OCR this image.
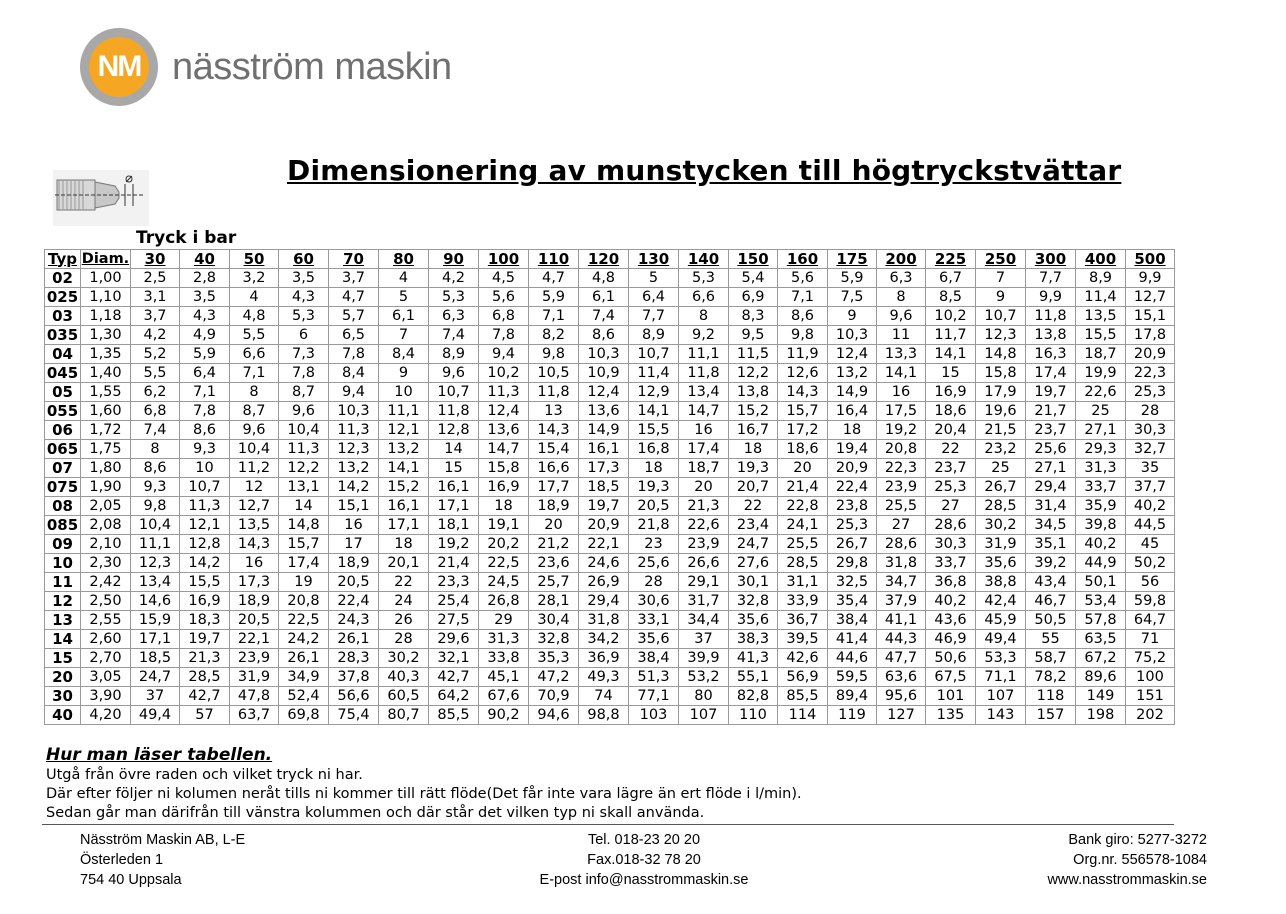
NM näsström maskin
Dimensionering av munstycken till högtryckstvättar
Tryck i bar
Typ	Diam.	30	40	50	60	70	80	90	100	110	120	130	140	150	160	175	200	225	250	300	400	500
02	1,00	2,5	2,8	3,2	3,5	3,7	4	4,2	4,5	4,7	4,8	5	5,3	5,4	5,6	5,9	6,3	6,7	7	7,7	8,9	9,9
025	1,10	3,1	3,5	4	4,3	4,7	5	5,3	5,6	5,9	6,1	6,4	6,6	6,9	7,1	7,5	8	8,5	9	9,9	11,4	12,7
03	1,18	3,7	4,3	4,8	5,3	5,7	6,1	6,3	6,8	7,1	7,4	7,7	8	8,3	8,6	9	9,6	10,2	10,7	11,8	13,5	15,1
035	1,30	4,2	4,9	5,5	6	6,5	7	7,4	7,8	8,2	8,6	8,9	9,2	9,5	9,8	10,3	11	11,7	12,3	13,8	15,5	17,8
04	1,35	5,2	5,9	6,6	7,3	7,8	8,4	8,9	9,4	9,8	10,3	10,7	11,1	11,5	11,9	12,4	13,3	14,1	14,8	16,3	18,7	20,9
045	1,40	5,5	6,4	7,1	7,8	8,4	9	9,6	10,2	10,5	10,9	11,4	11,8	12,2	12,6	13,2	14,1	15	15,8	17,4	19,9	22,3
05	1,55	6,2	7,1	8	8,7	9,4	10	10,7	11,3	11,8	12,4	12,9	13,4	13,8	14,3	14,9	16	16,9	17,9	19,7	22,6	25,3
055	1,60	6,8	7,8	8,7	9,6	10,3	11,1	11,8	12,4	13	13,6	14,1	14,7	15,2	15,7	16,4	17,5	18,6	19,6	21,7	25	28
06	1,72	7,4	8,6	9,6	10,4	11,3	12,1	12,8	13,6	14,3	14,9	15,5	16	16,7	17,2	18	19,2	20,4	21,5	23,7	27,1	30,3
065	1,75	8	9,3	10,4	11,3	12,3	13,2	14	14,7	15,4	16,1	16,8	17,4	18	18,6	19,4	20,8	22	23,2	25,6	29,3	32,7
07	1,80	8,6	10	11,2	12,2	13,2	14,1	15	15,8	16,6	17,3	18	18,7	19,3	20	20,9	22,3	23,7	25	27,1	31,3	35
075	1,90	9,3	10,7	12	13,1	14,2	15,2	16,1	16,9	17,7	18,5	19,3	20	20,7	21,4	22,4	23,9	25,3	26,7	29,4	33,7	37,7
08	2,05	9,8	11,3	12,7	14	15,1	16,1	17,1	18	18,9	19,7	20,5	21,3	22	22,8	23,8	25,5	27	28,5	31,4	35,9	40,2
085	2,08	10,4	12,1	13,5	14,8	16	17,1	18,1	19,1	20	20,9	21,8	22,6	23,4	24,1	25,3	27	28,6	30,2	34,5	39,8	44,5
09	2,10	11,1	12,8	14,3	15,7	17	18	19,2	20,2	21,2	22,1	23	23,9	24,7	25,5	26,7	28,6	30,3	31,9	35,1	40,2	45
10	2,30	12,3	14,2	16	17,4	18,9	20,1	21,4	22,5	23,6	24,6	25,6	26,6	27,6	28,5	29,8	31,8	33,7	35,6	39,2	44,9	50,2
11	2,42	13,4	15,5	17,3	19	20,5	22	23,3	24,5	25,7	26,9	28	29,1	30,1	31,1	32,5	34,7	36,8	38,8	43,4	50,1	56
12	2,50	14,6	16,9	18,9	20,8	22,4	24	25,4	26,8	28,1	29,4	30,6	31,7	32,8	33,9	35,4	37,9	40,2	42,4	46,7	53,4	59,8
13	2,55	15,9	18,3	20,5	22,5	24,3	26	27,5	29	30,4	31,8	33,1	34,4	35,6	36,7	38,4	41,1	43,6	45,9	50,5	57,8	64,7
14	2,60	17,1	19,7	22,1	24,2	26,1	28	29,6	31,3	32,8	34,2	35,6	37	38,3	39,5	41,4	44,3	46,9	49,4	55	63,5	71
15	2,70	18,5	21,3	23,9	26,1	28,3	30,2	32,1	33,8	35,3	36,9	38,4	39,9	41,3	42,6	44,6	47,7	50,6	53,3	58,7	67,2	75,2
20	3,05	24,7	28,5	31,9	34,9	37,8	40,3	42,7	45,1	47,2	49,3	51,3	53,2	55,1	56,9	59,5	63,6	67,5	71,1	78,2	89,6	100
30	3,90	37	42,7	47,8	52,4	56,6	60,5	64,2	67,6	70,9	74	77,1	80	82,8	85,5	89,4	95,6	101	107	118	149	151
40	4,20	49,4	57	63,7	69,8	75,4	80,7	85,5	90,2	94,6	98,8	103	107	110	114	119	127	135	143	157	198	202
Hur man läser tabellen.
Utgå från övre raden och vilket tryck ni har.
Där efter följer ni kolumen neråt tills ni kommer till rätt flöde(Det får inte vara lägre än ert flöde i l/min).
Sedan går man därifrån till vänstra kolummen och där står det vilken typ ni skall använda.
Näsström Maskin AB, L-E
Österleden 1
754 40 Uppsala
Tel. 018-23 20 20
Fax.018-32 78 20
E-post info@nasstrommaskin.se
Bank giro: 5277-3272
Org.nr. 556578-1084
www.nasstrommaskin.se
